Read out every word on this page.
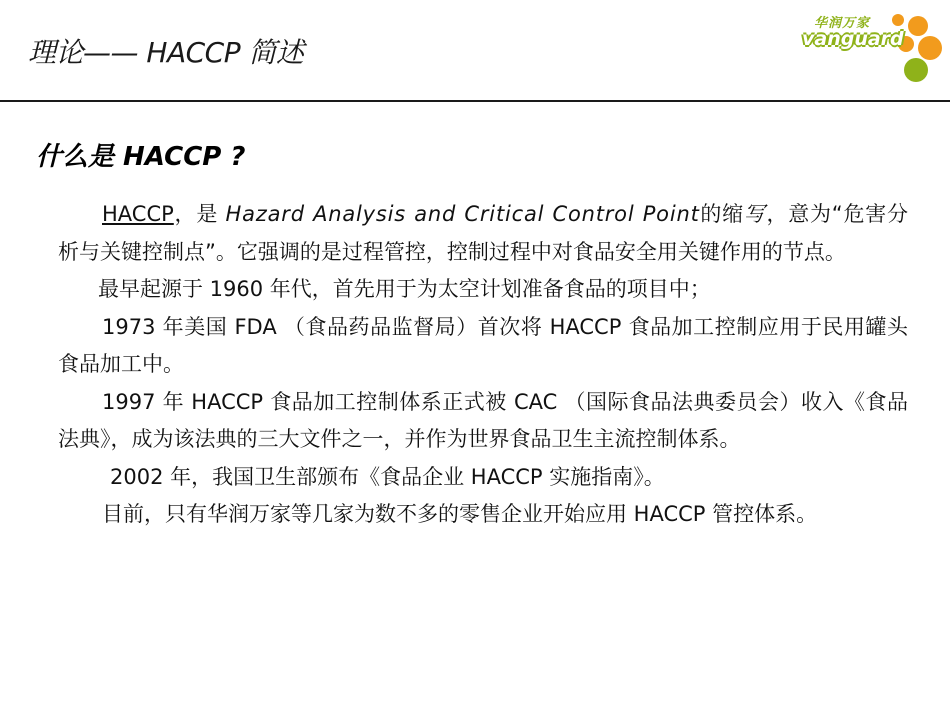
理论—— HACCP 简述
华润万家
vanguard
什么是 HACCP ?

HACCP，是 Hazard Analysis and Critical Control Point的缩写，意为“危害分析与关键控制点”。它强调的是过程管控，控制过程中对食品安全用关键作用的节点。

最早起源于 1960 年代，首先用于为太空计划准备食品的项目中；

1973 年美国 FDA （食品药品监督局）首次将 HACCP 食品加工控制应用于民用罐头食品加工中。

1997 年 HACCP 食品加工控制体系正式被 CAC （国际食品法典委员会）收入《食品法典》，成为该法典的三大文件之一，并作为世界食品卫生主流控制体系。

2002 年，我国卫生部颁布《食品企业 HACCP 实施指南》。

目前，只有华润万家等几家为数不多的零售企业开始应用 HACCP 管控体系。
